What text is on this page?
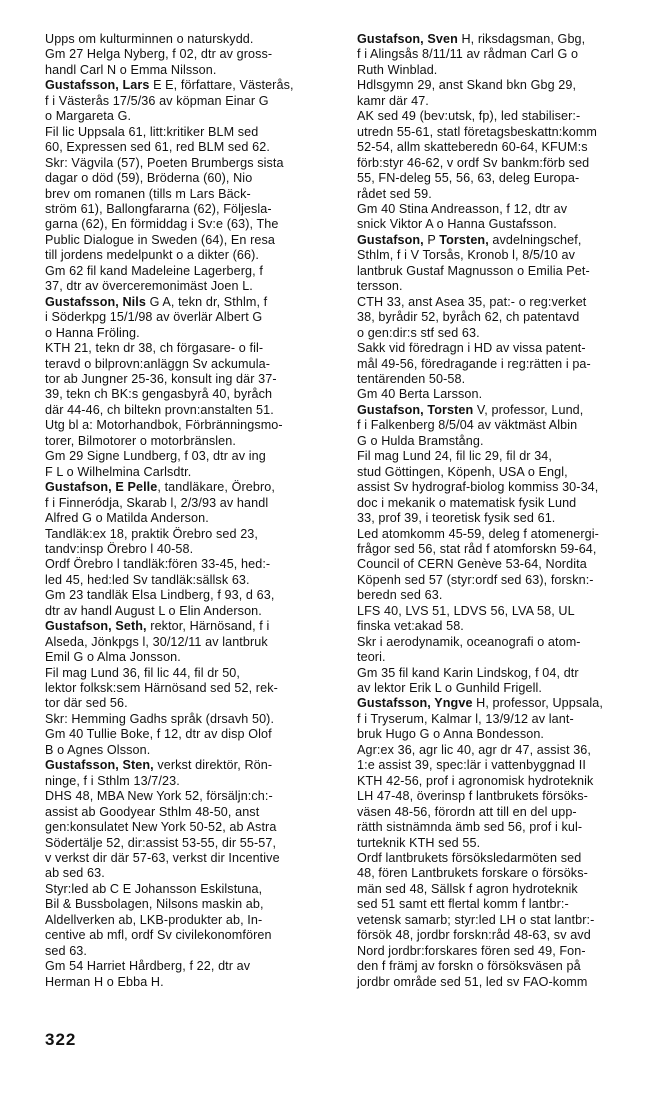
Upps om kulturminnen o naturskydd.
Gm 27 Helga Nyberg, f 02, dtr av gross-
handl Carl N o Emma Nilsson.
Gustafsson, Lars E E, författare, Västerås,
f i Västerås 17/5/36 av köpman Einar G
o Margareta G.
Fil lic Uppsala 61, litt:kritiker BLM sed
60, Expressen sed 61, red BLM sed 62.
Skr: Vägvila (57), Poeten Brumbergs sista
dagar o död (59), Bröderna (60), Nio
brev om romanen (tills m Lars Bäck-
ström 61), Ballongfararna (62), Följesla-
garna (62), En förmiddag i Sv:e (63), The
Public Dialogue in Sweden (64), En resa
till jordens medelpunkt o a dikter (66).
Gm 62 fil kand Madeleine Lagerberg, f
37, dtr av överceremonimäst Joen L.
Gustafsson, Nils G A, tekn dr, Sthlm, f
i Söderkpg 15/1/98 av överlär Albert G
o Hanna Fröling.
KTH 21, tekn dr 38, ch förgasare- o fil-
teravd o bilprovn:anläggn Sv ackumula-
tor ab Jungner 25-36, konsult ing där 37-
39, tekn ch BK:s gengasbyrå 40, byråch
där 44-46, ch biltekn provn:anstalten 51.
Utg bl a: Motorhandbok, Förbränningsmo-
torer, Bilmotorer o motorbränslen.
Gm 29 Signe Lundberg, f 03, dtr av ing
F L o Wilhelmina Carlsdtr.
Gustafson, E Pelle, tandläkare, Örebro,
f i Finneródja, Skarab l, 2/3/93 av handl
Alfred G o Matilda Anderson.
Tandläk:ex 18, praktik Örebro sed 23,
tandv:insp Örebro l 40-58.
Ordf Örebro l tandläk:fören 33-45, hed:-
led 45, hed:led Sv tandläk:sällsk 63.
Gm 23 tandläk Elsa Lindberg, f 93, d 63,
dtr av handl August L o Elin Anderson.
Gustafson, Seth, rektor, Härnösand, f i
Alseda, Jönkpgs l, 30/12/11 av lantbruk
Emil G o Alma Jonsson.
Fil mag Lund 36, fil lic 44, fil dr 50,
lektor folksk:sem Härnösand sed 52, rek-
tor där sed 56.
Skr: Hemming Gadhs språk (drsavh 50).
Gm 40 Tullie Boke, f 12, dtr av disp Olof
B o Agnes Olsson.
Gustafsson, Sten, verkst direktör, Rön-
ninge, f i Sthlm 13/7/23.
DHS 48, MBA New York 52, försäljn:ch:-
assist ab Goodyear Sthlm 48-50, anst
gen:konsulatet New York 50-52, ab Astra
Södertälje 52, dir:assist 53-55, dir 55-57,
v verkst dir där 57-63, verkst dir Incentive
ab sed 63.
Styr:led ab C E Johansson Eskilstuna,
Bil & Bussbolagen, Nilsons maskin ab,
Aldellverken ab, LKB-produkter ab, In-
centive ab mfl, ordf Sv civilekonomfören
sed 63.
Gm 54 Harriet Hårdberg, f 22, dtr av
Herman H o Ebba H.
Gustafson, Sven H, riksdagsman, Gbg,
f i Alingsås 8/11/11 av rådman Carl G o
Ruth Winblad.
Hdlsgymn 29, anst Skand bkn Gbg 29,
kamr där 47.
AK sed 49 (bev:utsk, fp), led stabiliser:-
utredn 55-61, statl företagsbeskattn:komm
52-54, allm skatteberedn 60-64, KFUM:s
förb:styr 46-62, v ordf Sv bankm:förb sed
55, FN-deleg 55, 56, 63, deleg Europa-
rådet sed 59.
Gm 40 Stina Andreasson, f 12, dtr av
snick Viktor A o Hanna Gustafsson.
Gustafson, P Torsten, avdelningschef,
Sthlm, f i V Torsås, Kronob l, 8/5/10 av
lantbruk Gustaf Magnusson o Emilia Pet-
tersson.
CTH 33, anst Asea 35, pat:- o reg:verket
38, byrådir 52, byråch 62, ch patentavd
o gen:dir:s stf sed 63.
Sakk vid föredragn i HD av vissa patent-
mål 49-56, föredragande i reg:rätten i pa-
tentärenden 50-58.
Gm 40 Berta Larsson.
Gustafson, Torsten V, professor, Lund,
f i Falkenberg 8/5/04 av väktmäst Albin
G o Hulda Bramstång.
Fil mag Lund 24, fil lic 29, fil dr 34,
stud Göttingen, Köpenh, USA o Engl,
assist Sv hydrograf-biolog kommiss 30-34,
doc i mekanik o matematisk fysik Lund
33, prof 39, i teoretisk fysik sed 61.
Led atomkomm 45-59, deleg f atomenergi-
frågor sed 56, stat råd f atomforskn 59-64,
Council of CERN Genève 53-64, Nordita
Köpenh sed 57 (styr:ordf sed 63), forskn:-
beredn sed 63.
LFS 40, LVS 51, LDVS 56, LVA 58, UL
finska vet:akad 58.
Skr i aerodynamik, oceanografi o atom-
teori.
Gm 35 fil kand Karin Lindskog, f 04, dtr
av lektor Erik L o Gunhild Frigell.
Gustafsson, Yngve H, professor, Uppsala,
f i Tryserum, Kalmar l, 13/9/12 av lant-
bruk Hugo G o Anna Bondesson.
Agr:ex 36, agr lic 40, agr dr 47, assist 36,
1:e assist 39, spec:lär i vattenbyggnad II
KTH 42-56, prof i agronomisk hydroteknik
LH 47-48, överinsp f lantbrukets försöks-
väsen 48-56, förordn att till en del upp-
rätth sistnämnda ämb sed 56, prof i kul-
turteknik KTH sed 55.
Ordf lantbrukets försöksledarmöten sed
48, fören Lantbrukets forskare o försöks-
män sed 48, Sällsk f agron hydroteknik
sed 51 samt ett flertal komm f lantbr:-
vetensk samarb; styr:led LH o stat lantbr:-
försök 48, jordbr forskn:råd 48-63, sv avd
Nord jordbr:forskares fören sed 49, Fon-
den f främj av forskn o försöksväsen på
jordbr område sed 51, led sv FAO-komm
322
